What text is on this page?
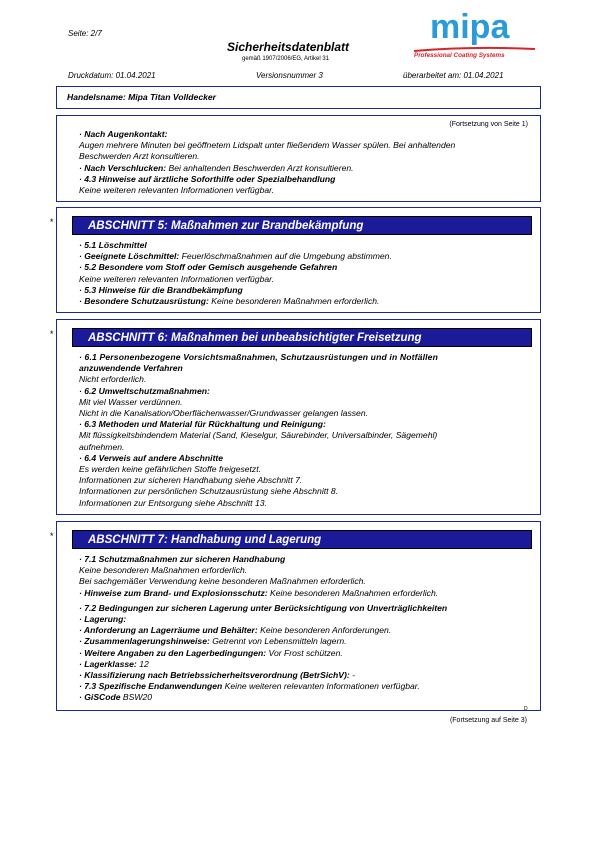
Seite: 2/7
Sicherheitsdatenblatt
gemäß 1907/2006/EG, Artikel 31
Druckdatum: 01.04.2021	Versionsnummer 3	überarbeitet am: 01.04.2021
mipa
Professional Coating Systems
Handelsname: Mipa Titan Volldecker
(Fortsetzung von Seite 1)
· Nach Augenkontakt:
Augen mehrere Minuten bei geöffnetem Lidspalt unter fließendem Wasser spülen. Bei anhaltenden
Beschwerden Arzt konsultieren.
· Nach Verschlucken: Bei anhaltenden Beschwerden Arzt konsultieren.
· 4.3 Hinweise auf ärztliche Soforthilfe oder Spezialbehandlung
Keine weiteren relevanten Informationen verfügbar.
*	ABSCHNITT 5: Maßnahmen zur Brandbekämpfung
· 5.1 Löschmittel
· Geeignete Löschmittel: Feuerlöschmaßnahmen auf die Umgebung abstimmen.
· 5.2 Besondere vom Stoff oder Gemisch ausgehende Gefahren
Keine weiteren relevanten Informationen verfügbar.
· 5.3 Hinweise für die Brandbekämpfung
· Besondere Schutzausrüstung: Keine besonderen Maßnahmen erforderlich.
*	ABSCHNITT 6: Maßnahmen bei unbeabsichtigter Freisetzung
· 6.1 Personenbezogene Vorsichtsmaßnahmen, Schutzausrüstungen und in Notfällen
anzuwendende Verfahren
Nicht erforderlich.
· 6.2 Umweltschutzmaßnahmen:
Mit viel Wasser verdünnen.
Nicht in die Kanalisation/Oberflächenwasser/Grundwasser gelangen lassen.
· 6.3 Methoden und Material für Rückhaltung und Reinigung:
Mit flüssigkeitsbindendem Material (Sand, Kieselgur, Säurebinder, Universalbinder, Sägemehl)
aufnehmen.
· 6.4 Verweis auf andere Abschnitte
Es werden keine gefährlichen Stoffe freigesetzt.
Informationen zur sicheren Handhabung siehe Abschnitt 7.
Informationen zur persönlichen Schutzausrüstung siehe Abschnitt 8.
Informationen zur Entsorgung siehe Abschnitt 13.
*	ABSCHNITT 7: Handhabung und Lagerung
· 7.1 Schutzmaßnahmen zur sicheren Handhabung
Keine besonderen Maßnahmen erforderlich.
Bei sachgemäßer Verwendung keine besonderen Maßnahmen erforderlich.
· Hinweise zum Brand- und Explosionsschutz: Keine besonderen Maßnahmen erforderlich.
· 7.2 Bedingungen zur sicheren Lagerung unter Berücksichtigung von Unverträglichkeiten
· Lagerung:
· Anforderung an Lagerräume und Behälter: Keine besonderen Anforderungen.
· Zusammenlagerungshinweise: Getrennt von Lebensmitteln lagern.
· Weitere Angaben zu den Lagerbedingungen: Vor Frost schützen.
· Lagerklasse: 12
· Klassifizierung nach Betriebssicherheitsverordnung (BetrSichV): -
· 7.3 Spezifische Endanwendungen Keine weiteren relevanten Informationen verfügbar.
· GiSCode BSW20
D
(Fortsetzung auf Seite 3)
